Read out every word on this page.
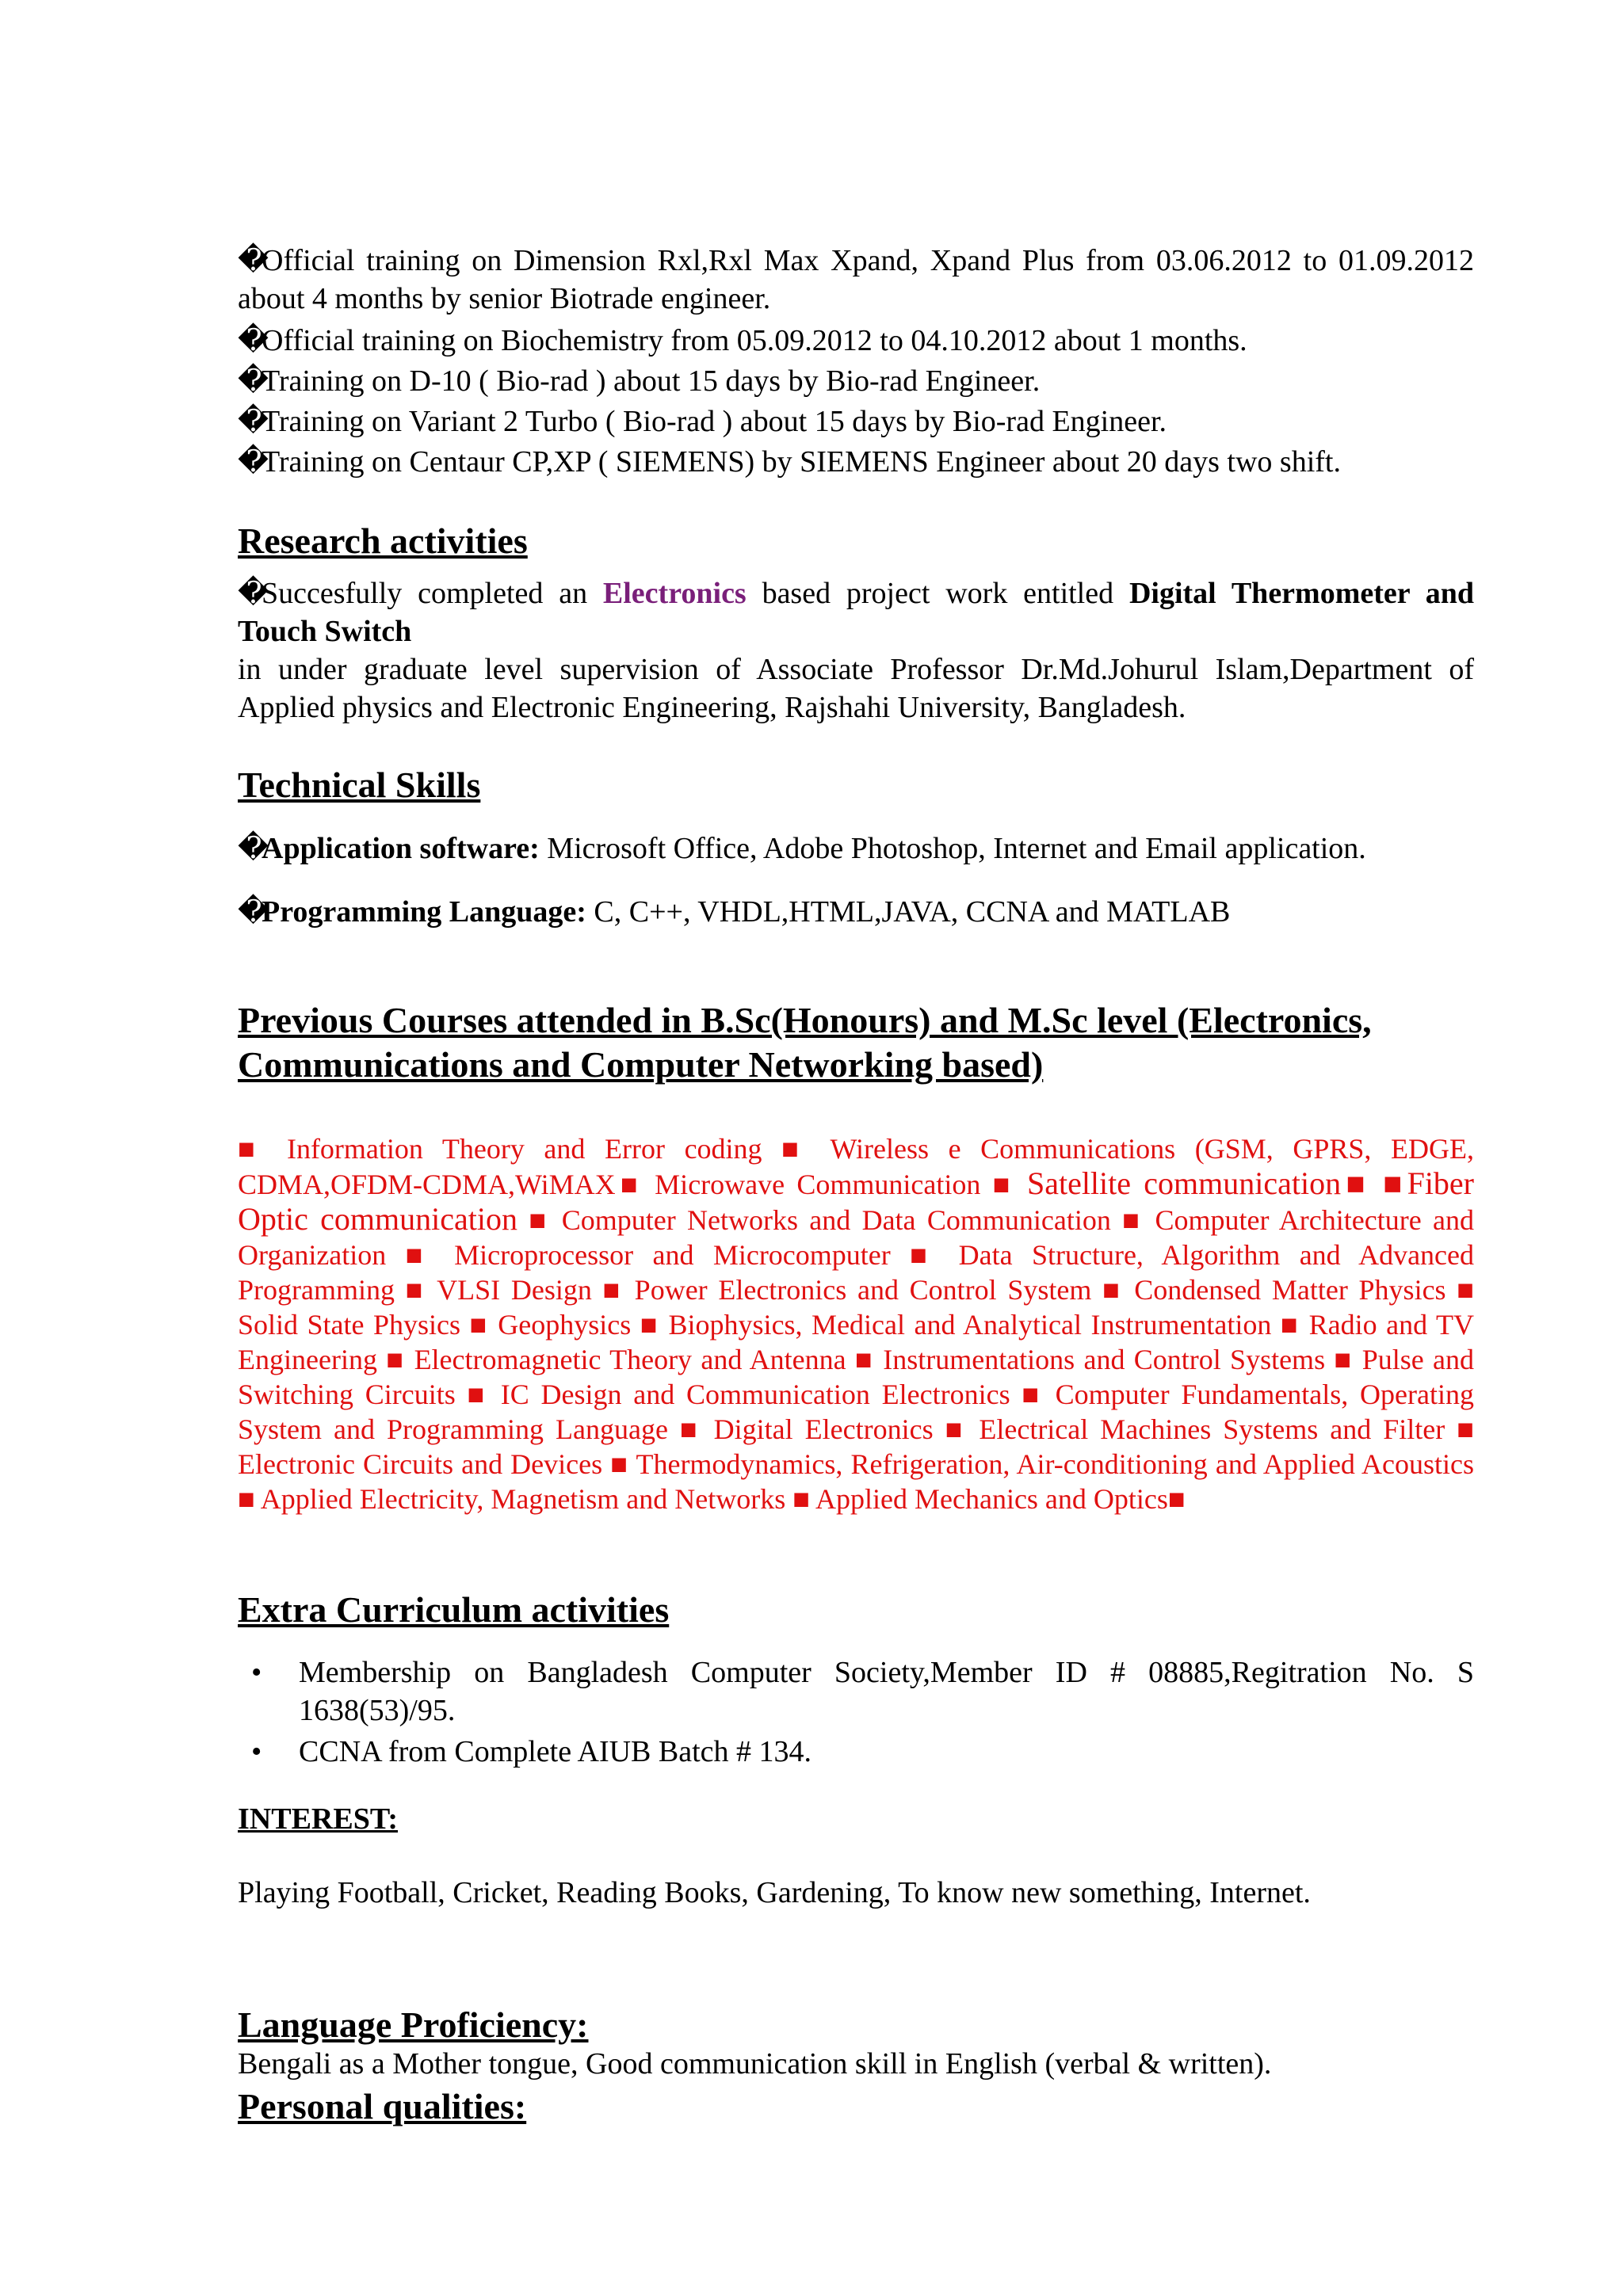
�Official training on Dimension Rxl,Rxl Max Xpand, Xpand Plus from 03.06.2012 to 01.09.2012 about 4 months by senior Biotrade engineer.

�Official training on Biochemistry from 05.09.2012 to 04.10.2012 about 1 months.

�Training on D-10 ( Bio-rad ) about 15 days by Bio-rad Engineer.

�Training on Variant 2 Turbo ( Bio-rad ) about 15 days by Bio-rad Engineer.

�Training on Centaur CP,XP ( SIEMENS) by SIEMENS Engineer about 20 days two shift.

Research activities

�Succesfully completed an Electronics based project work entitled Digital Thermometer and Touch Switch
in under graduate level supervision of Associate Professor Dr.Md.Johurul Islam,Department of Applied physics and Electronic Engineering, Rajshahi University, Bangladesh.

Technical Skills

�Application software: Microsoft Office, Adobe Photoshop, Internet and Email application.

�Programming Language: C, C++, VHDL,HTML,JAVA, CCNA and MATLAB

Previous Courses attended in B.Sc(Honours) and M.Sc level (Electronics,
Communications and Computer Networking based)

■ Information Theory and Error coding ■ Wireless e Communications (GSM, GPRS, EDGE, CDMA,OFDM-CDMA,WiMAX■ Microwave Communication ■ Satellite communication■ ■Fiber Optic communication ■ Computer Networks and Data Communication ■ Computer Architecture and Organization ■ Microprocessor and Microcomputer ■ Data Structure, Algorithm and Advanced Programming ■ VLSI Design ■ Power Electronics and Control System ■ Condensed Matter Physics ■ Solid State Physics ■ Geophysics ■ Biophysics, Medical and Analytical Instrumentation ■ Radio and TV Engineering ■ Electromagnetic Theory and Antenna ■ Instrumentations and Control Systems ■ Pulse and Switching Circuits ■ IC Design and Communication Electronics ■ Computer Fundamentals, Operating System and Programming Language ■ Digital Electronics ■ Electrical Machines Systems and Filter ■ Electronic Circuits and Devices ■ Thermodynamics, Refrigeration, Air-conditioning and Applied Acoustics ■ Applied Electricity, Magnetism and Networks ■ Applied Mechanics and Optics■

Extra Curriculum activities
• Membership on Bangladesh Computer Society,Member ID # 08885,Regitration No. S 1638(53)/95.
• CCNA from Complete AIUB Batch # 134.

INTEREST:

Playing Football, Cricket, Reading Books, Gardening, To know new something, Internet.

Language Proficiency:

Bengali as a Mother tongue, Good communication skill in English (verbal & written).

Personal qualities:
